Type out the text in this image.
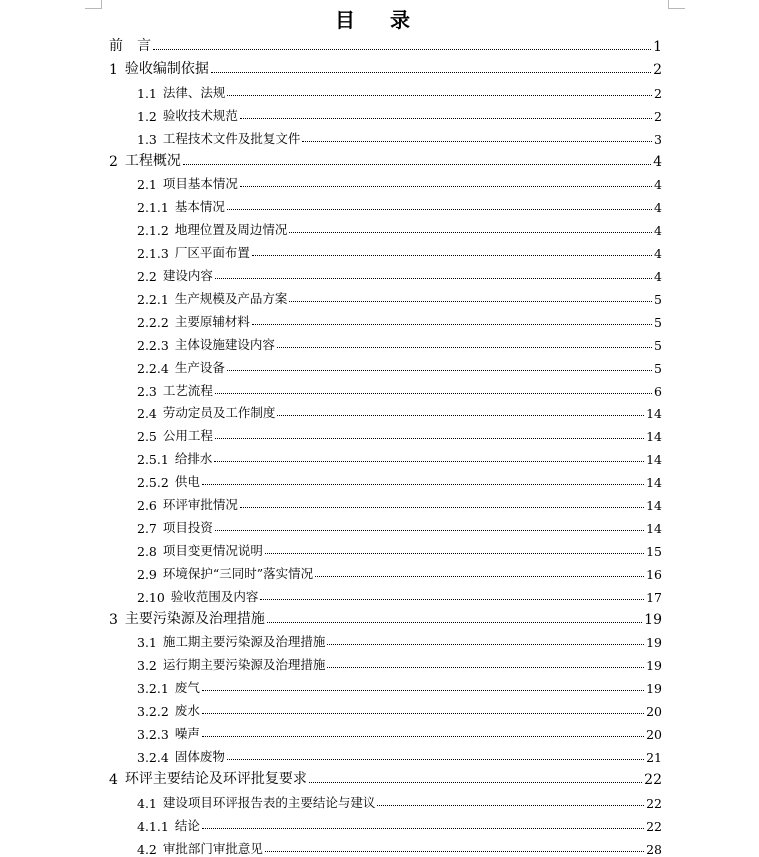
目 录
前　言	1
1 验收编制依据	2
1.1 法律、法规	2
1.2 验收技术规范	2
1.3 工程技术文件及批复文件	3
2 工程概况	4
2.1 项目基本情况	4
2.1.1 基本情况	4
2.1.2 地理位置及周边情况	4
2.1.3 厂区平面布置	4
2.2 建设内容	4
2.2.1 生产规模及产品方案	5
2.2.2 主要原辅材料	5
2.2.3 主体设施建设内容	5
2.2.4 生产设备	5
2.3 工艺流程	6
2.4 劳动定员及工作制度	14
2.5 公用工程	14
2.5.1 给排水	14
2.5.2 供电	14
2.6 环评审批情况	14
2.7 项目投资	14
2.8 项目变更情况说明	15
2.9 环境保护“三同时”落实情况	16
2.10 验收范围及内容	17
3 主要污染源及治理措施	19
3.1 施工期主要污染源及治理措施	19
3.2 运行期主要污染源及治理措施	19
3.2.1 废气	19
3.2.2 废水	20
3.2.3 噪声	20
3.2.4 固体废物	21
4 环评主要结论及环评批复要求	22
4.1 建设项目环评报告表的主要结论与建议	22
4.1.1 结论	22
4.2 审批部门审批意见	28
